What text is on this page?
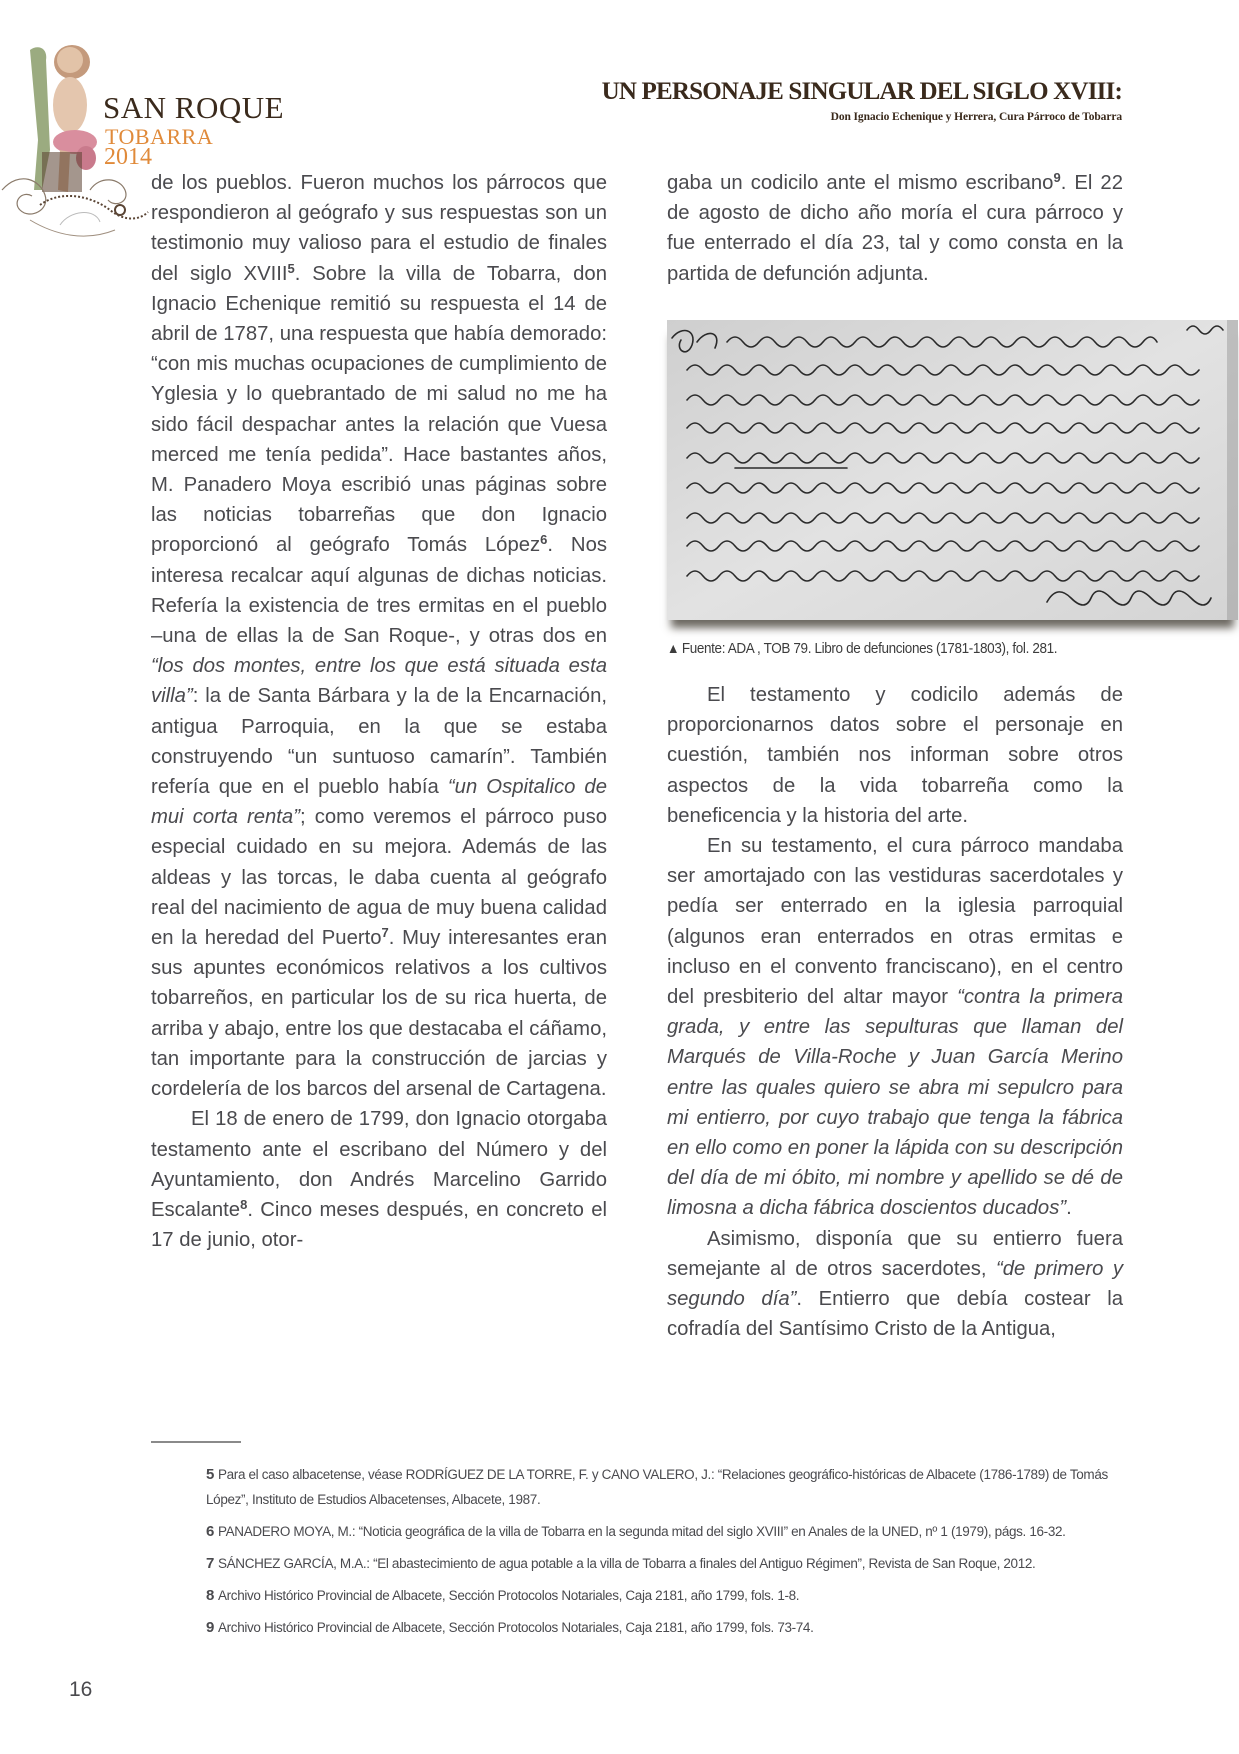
SAN ROQUE
TOBARRA
2014
UN PERSONAJE SINGULAR DEL SIGLO XVIII:
Don Ignacio Echenique y Herrera, Cura Párroco de Tobarra

de los pueblos. Fueron muchos los párrocos que respondieron al geógrafo y sus respuestas son un testimonio muy valioso para el estudio de finales del siglo XVIII$^5$. Sobre la villa de Tobarra, don Ignacio Echenique remitió su respuesta el 14 de abril de 1787, una respuesta que había demorado: “con mis muchas ocupaciones de cumplimiento de Yglesia y lo quebrantado de mi salud no me ha sido fácil despachar antes la relación que Vuesa merced me tenía pedida”. Hace bastantes años, M. Panadero Moya escribió unas páginas sobre las noticias tobarreñas que don Ignacio proporcionó al geógrafo Tomás López$^6$. Nos interesa recalcar aquí algunas de dichas noticias. Refería la existencia de tres ermitas en el pueblo –una de ellas la de San Roque-, y otras dos en “los dos montes, entre los que está situada esta villa”: la de Santa Bárbara y la de la Encarnación, antigua Parroquia, en la que se estaba construyendo “un suntuoso camarín”. También refería que en el pueblo había “un Ospitalico de mui corta renta”; como veremos el párroco puso especial cuidado en su mejora. Además de las aldeas y las torcas, le daba cuenta al geógrafo real del nacimiento de agua de muy buena calidad en la heredad del Puerto$^7$. Muy interesantes eran sus apuntes económicos relativos a los cultivos tobarreños, en particular los de su rica huerta, de arriba y abajo, entre los que destacaba el cáñamo, tan importante para la construcción de jarcias y cordelería de los barcos del arsenal de Cartagena.

El 18 de enero de 1799, don Ignacio otorgaba testamento ante el escribano del Número y del Ayuntamiento, don Andrés Marcelino Garrido Escalante$^8$. Cinco meses después, en concreto el 17 de junio, otor-

gaba un codicilo ante el mismo escribano$^9$. El 22 de agosto de dicho año moría el cura párroco y fue enterrado el día 23, tal y como consta en la partida de defunción adjunta.

▲ Fuente: ADA , TOB 79. Libro de defunciones (1781-1803), fol. 281.

El testamento y codicilo además de proporcionarnos datos sobre el personaje en cuestión, también nos informan sobre otros aspectos de la vida tobarreña como la beneficencia y la historia del arte.

En su testamento, el cura párroco mandaba ser amortajado con las vestiduras sacerdotales y pedía ser enterrado en la iglesia parroquial (algunos eran enterrados en otras ermitas e incluso en el convento franciscano), en el centro del presbiterio del altar mayor “contra la primera grada, y entre las sepulturas que llaman del Marqués de Villa-Roche y Juan García Merino entre las quales quiero se abra mi sepulcro para mi entierro, por cuyo trabajo que tenga la fábrica en ello como en poner la lápida con su descripción del día de mi óbito, mi nombre y apellido se dé de limosna a dicha fábrica doscientos ducados”.

Asimismo, disponía que su entierro fuera semejante al de otros sacerdotes, “de primero y segundo día”. Entierro que debía costear la cofradía del Santísimo Cristo de la Antigua,

5 Para el caso albacetense, véase RODRÍGUEZ DE LA TORRE, F. y CANO VALERO, J.: “Relaciones geográfico-históricas de Albacete (1786-1789) de Tomás López”, Instituto de Estudios Albacetenses, Albacete, 1987.
6 PANADERO MOYA, M.: “Noticia geográfica de la villa de Tobarra en la segunda mitad del siglo XVIII” en Anales de la UNED, nº 1 (1979), págs. 16-32.
7 SÁNCHEZ GARCÍA, M.A.: “El abastecimiento de agua potable a la villa de Tobarra a finales del Antiguo Régimen”, Revista de San Roque, 2012.
8 Archivo Histórico Provincial de Albacete, Sección Protocolos Notariales, Caja 2181, año 1799, fols. 1-8.
9 Archivo Histórico Provincial de Albacete, Sección Protocolos Notariales, Caja 2181, año 1799, fols. 73-74.
16
